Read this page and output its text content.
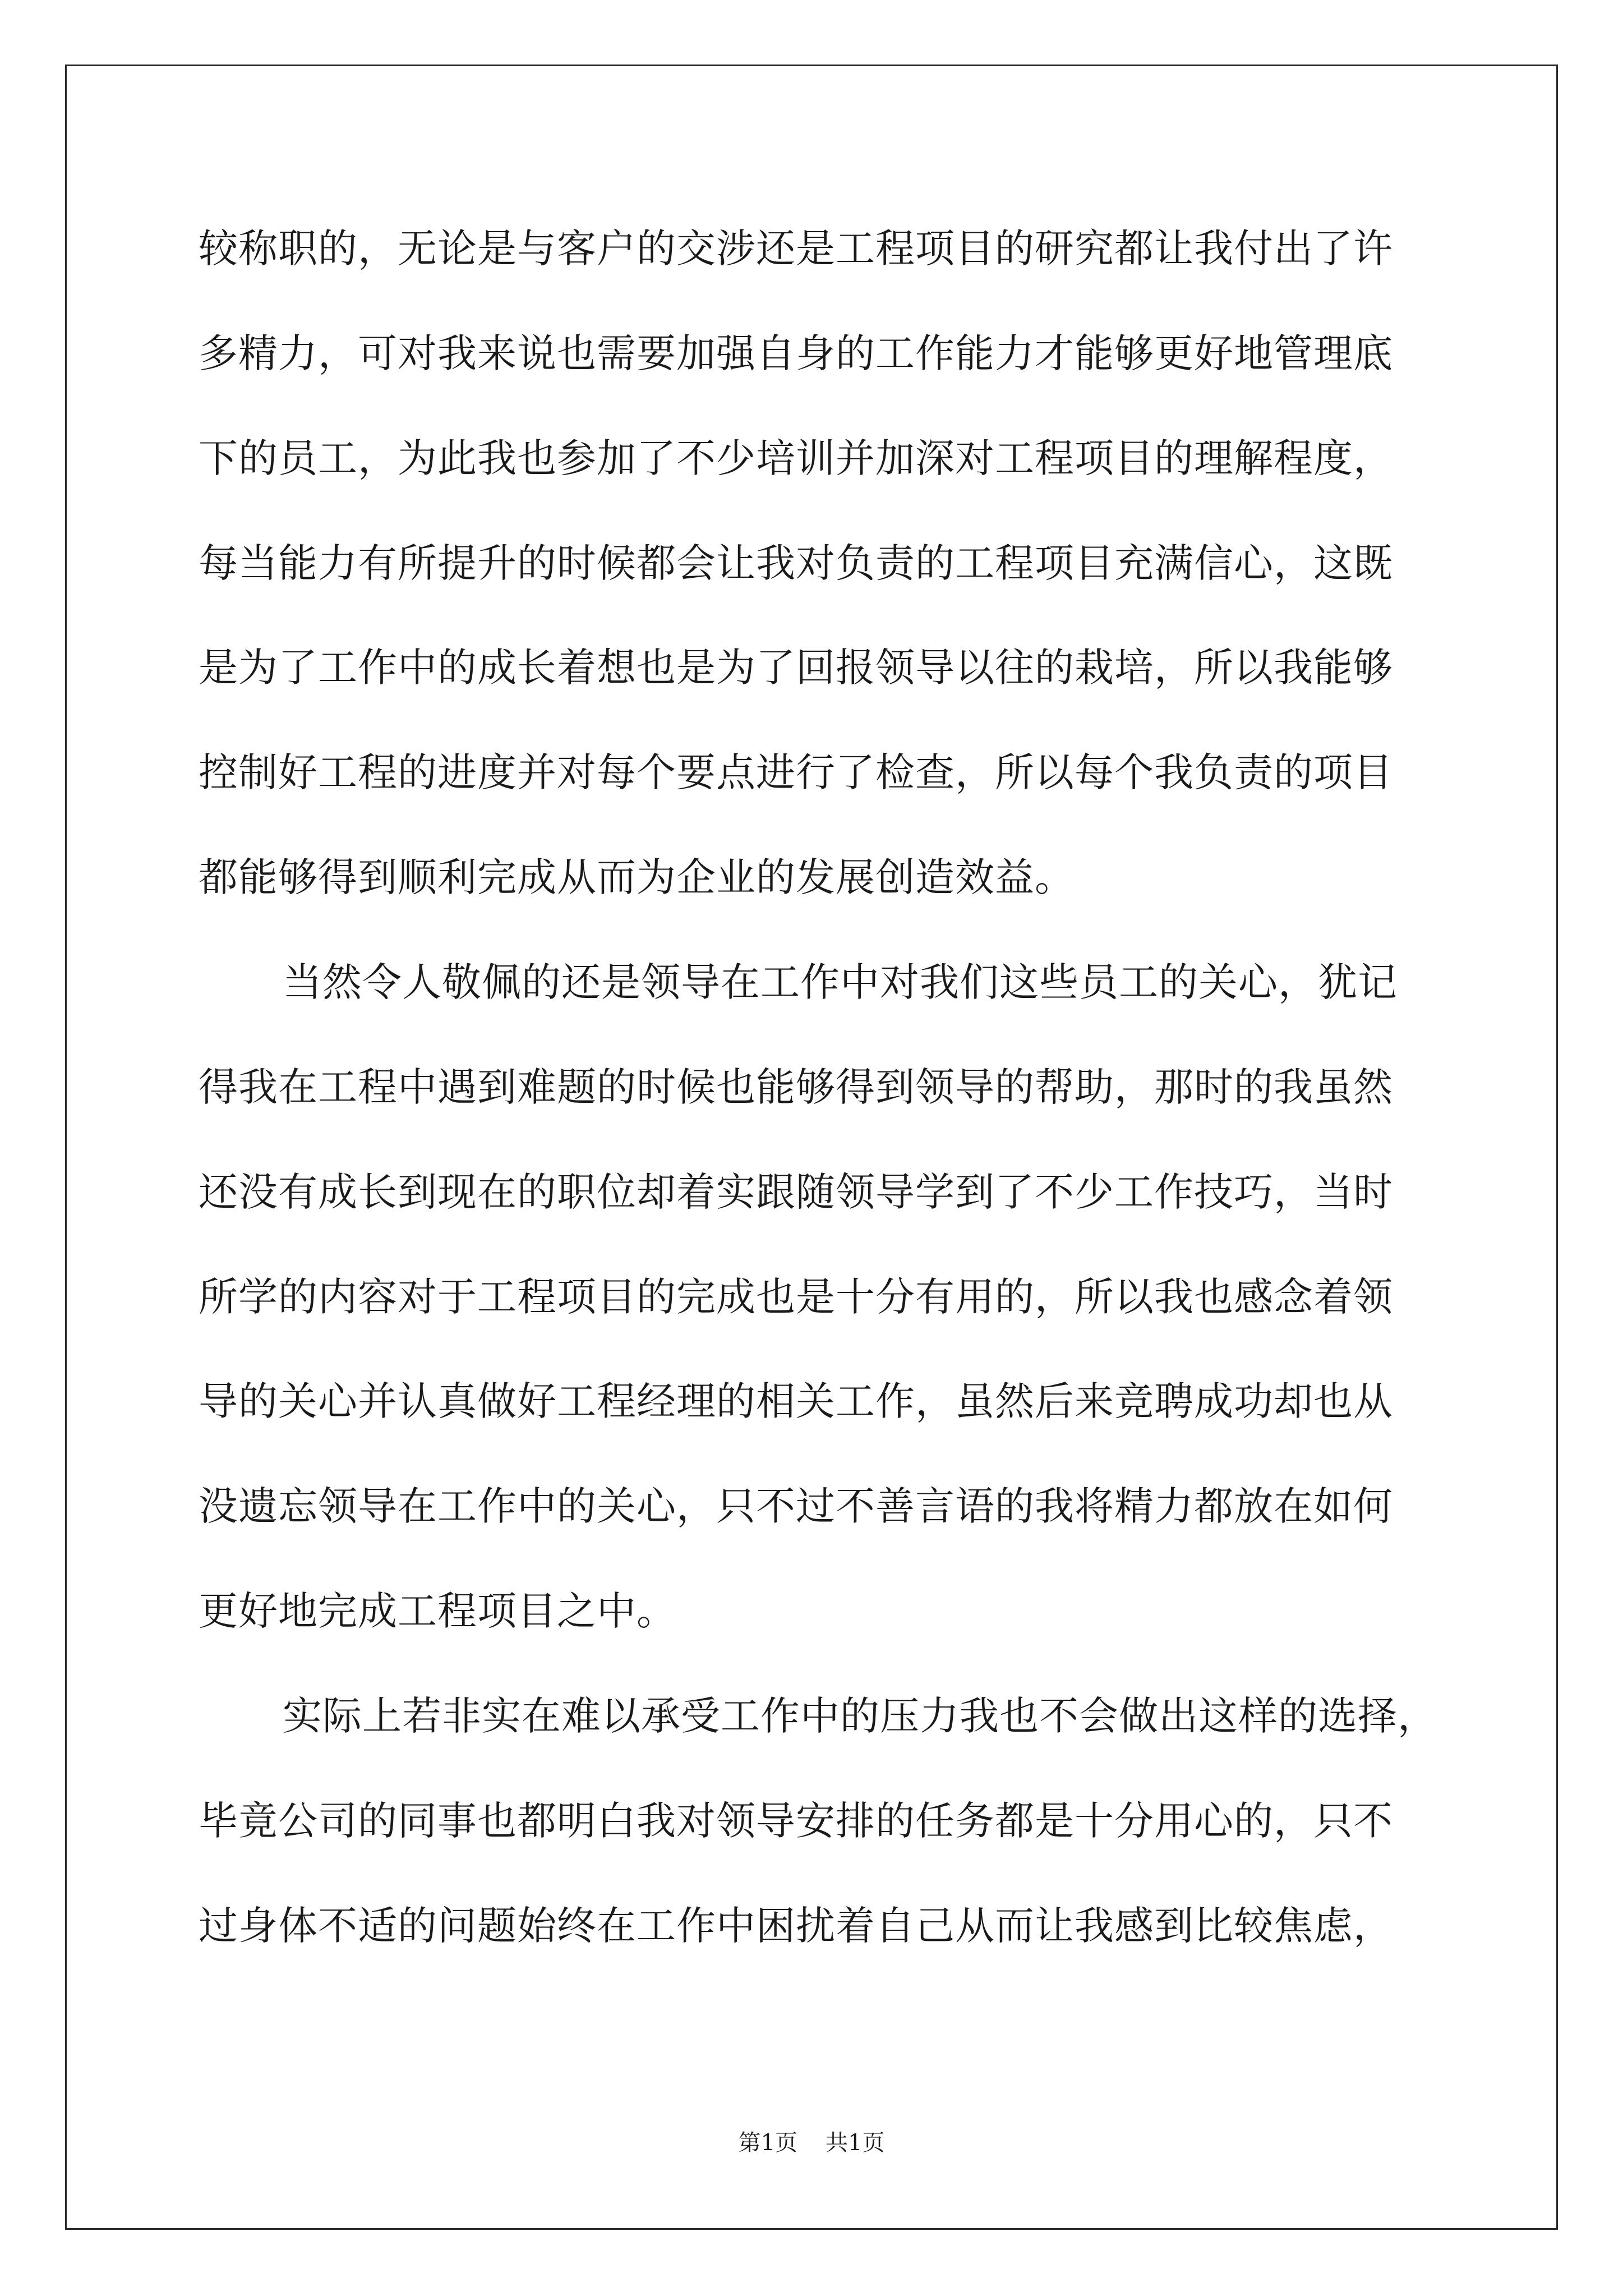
较称职的，无论是与客户的交涉还是工程项目的研究都让我付出了许
多精力，可对我来说也需要加强自身的工作能力才能够更好地管理底
下的员工，为此我也参加了不少培训并加深对工程项目的理解程度，
每当能力有所提升的时候都会让我对负责的工程项目充满信心，这既
是为了工作中的成长着想也是为了回报领导以往的栽培，所以我能够
控制好工程的进度并对每个要点进行了检查，所以每个我负责的项目
都能够得到顺利完成从而为企业的发展创造效益。
当然令人敬佩的还是领导在工作中对我们这些员工的关心，犹记
得我在工程中遇到难题的时候也能够得到领导的帮助，那时的我虽然
还没有成长到现在的职位却着实跟随领导学到了不少工作技巧，当时
所学的内容对于工程项目的完成也是十分有用的，所以我也感念着领
导的关心并认真做好工程经理的相关工作，虽然后来竞聘成功却也从
没遗忘领导在工作中的关心，只不过不善言语的我将精力都放在如何
更好地完成工程项目之中。
实际上若非实在难以承受工作中的压力我也不会做出这样的选择，
毕竟公司的同事也都明白我对领导安排的任务都是十分用心的，只不
过身体不适的问题始终在工作中困扰着自己从而让我感到比较焦虑，
第1页 共1页
